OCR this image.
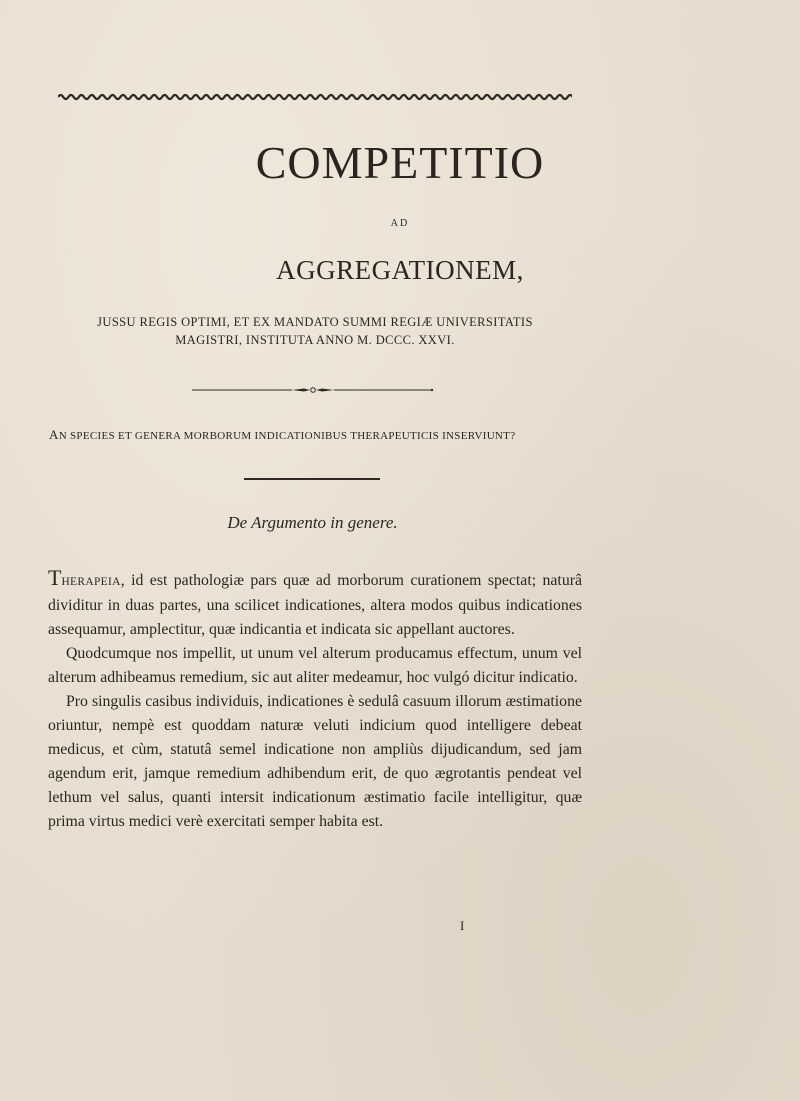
COMPETITIO
AD
AGGREGATIONEM,
JUSSU REGIS OPTIMI, ET EX MANDATO SUMMI REGIÆ UNIVERSITATIS
MAGISTRI, INSTITUTA ANNO M. DCCC. XXVI.
AN SPECIES ET GENERA MORBORUM INDICATIONIBUS THERAPEUTICIS INSERVIUNT?
De Argumento in genere.

THERAPEIA, id est pathologiæ pars quæ ad morborum curationem spectat; naturâ dividitur in duas partes, una scilicet indicationes, altera modos quibus indicationes assequamur, amplectitur, quæ indicantia et indicata sic appellant auctores.

Quodcumque nos impellit, ut unum vel alterum producamus effectum, unum vel alterum adhibeamus remedium, sic aut aliter medeamur, hoc vulgó dicitur indicatio.

Pro singulis casibus individuis, indicationes è sedulâ casuum illorum æstimatione oriuntur, nempè est quoddam naturæ veluti indicium quod intelligere debeat medicus, et cùm, statutâ semel indicatione non ampliùs dijudicandum, sed jam agendum erit, jamque remedium adhibendum erit, de quo ægrotantis pendeat vel lethum vel salus, quanti intersit indicationum æstimatio facile intelligitur, quæ prima virtus medici verè exercitati semper habita est.

I
